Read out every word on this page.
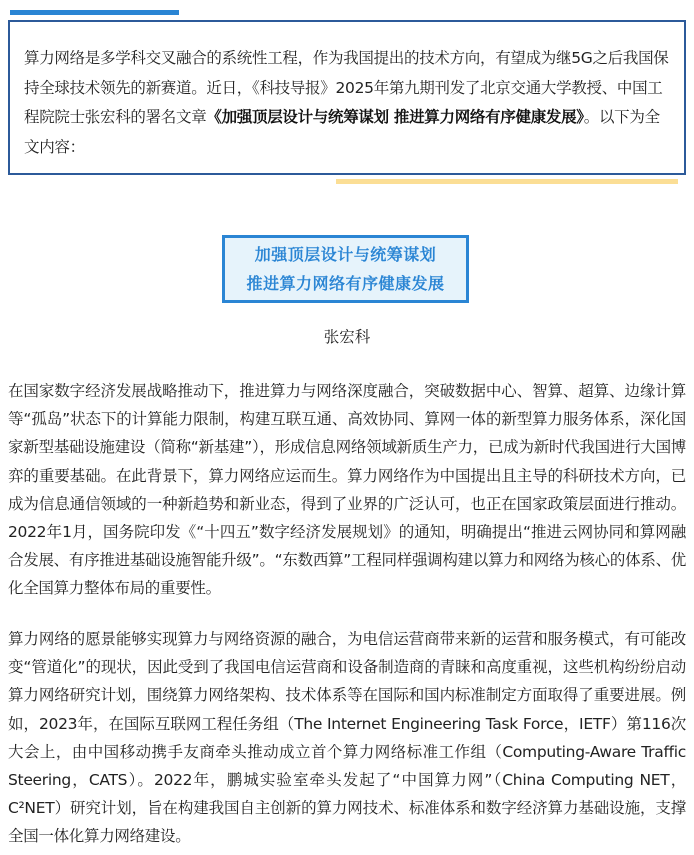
算力网络是多学科交叉融合的系统性工程，作为我国提出的技术方向，有望成为继5G之后我国保持全球技术领先的新赛道。近日，《科技导报》2025年第九期刊发了北京交通大学教授、中国工程院院士张宏科的署名文章《加强顶层设计与统筹谋划 推进算力网络有序健康发展》。以下为全文内容：
加强顶层设计与统筹谋划
推进算力网络有序健康发展
张宏科
在国家数字经济发展战略推动下，推进算力与网络深度融合，突破数据中心、智算、超算、边缘计算等“孤岛”状态下的计算能力限制，构建互联互通、高效协同、算网一体的新型算力服务体系，深化国家新型基础设施建设（简称“新基建”），形成信息网络领域新质生产力，已成为新时代我国进行大国博弈的重要基础。在此背景下，算力网络应运而生。算力网络作为中国提出且主导的科研技术方向，已成为信息通信领域的一种新趋势和新业态，得到了业界的广泛认可，也正在国家政策层面进行推动。2022年1月，国务院印发《“十四五”数字经济发展规划》的通知，明确提出“推进云网协同和算网融合发展、有序推进基础设施智能升级”。“东数西算”工程同样强调构建以算力和网络为核心的体系、优化全国算力整体布局的重要性。
算力网络的愿景能够实现算力与网络资源的融合，为电信运营商带来新的运营和服务模式，有可能改变“管道化”的现状，因此受到了我国电信运营商和设备制造商的青睐和高度重视，这些机构纷纷启动算力网络研究计划，围绕算力网络架构、技术体系等在国际和国内标准制定方面取得了重要进展。例如，2023年，在国际互联网工程任务组（The Internet Engineering Task Force，IETF）第116次大会上，由中国移动携手友商牵头推动成立首个算力网络标准工作组（Computing-Aware Traffic Steering，CATS）。2022年，鹏城实验室牵头发起了“中国算力网”（China Computing NET，C²NET）研究计划，旨在构建我国自主创新的算力网技术、标准体系和数字经济算力基础设施，支撑全国一体化算力网络建设。
